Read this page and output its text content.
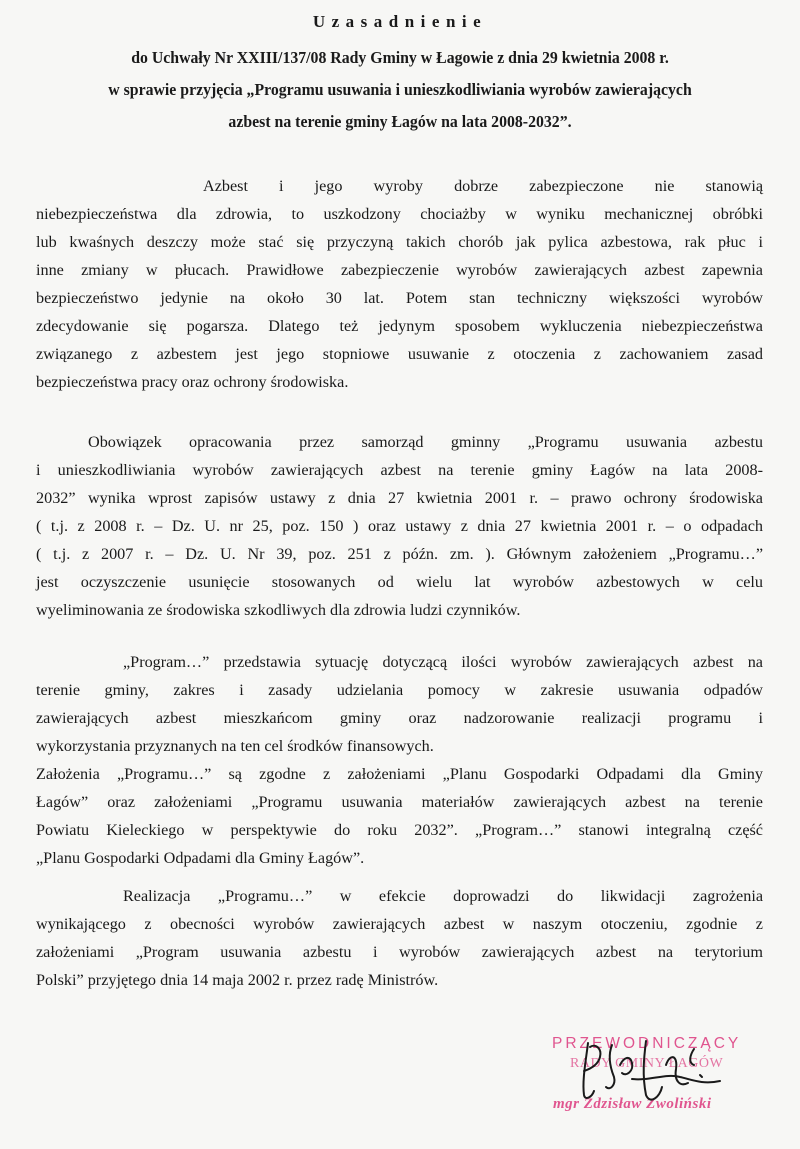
Uzasadnienie
do Uchwały Nr XXIII/137/08 Rady Gminy w Łagowie z dnia 29 kwietnia 2008 r.
w sprawie przyjęcia „Programu usuwania i unieszkodliwiania wyrobów zawierających
azbest na terenie gminy Łagów na lata 2008-2032”.
Azbest i jego wyroby dobrze zabezpieczone nie stanowią
niebezpieczeństwa dla zdrowia, to uszkodzony chociażby w wyniku mechanicznej obróbki
lub kwaśnych deszczy może stać się przyczyną takich chorób jak pylica azbestowa, rak płuc i
inne zmiany w płucach. Prawidłowe zabezpieczenie wyrobów zawierających azbest zapewnia
bezpieczeństwo jedynie na około 30 lat. Potem stan techniczny większości wyrobów
zdecydowanie się pogarsza. Dlatego też jedynym sposobem wykluczenia niebezpieczeństwa
związanego z azbestem jest jego stopniowe usuwanie z otoczenia z zachowaniem zasad
bezpieczeństwa pracy oraz ochrony środowiska.
Obowiązek opracowania przez samorząd gminny „Programu usuwania azbestu
i unieszkodliwiania wyrobów zawierających azbest na terenie gminy Łagów na lata 2008-
2032” wynika wprost zapisów ustawy z dnia 27 kwietnia 2001 r. – prawo ochrony środowiska
( t.j. z 2008 r. – Dz. U. nr 25, poz. 150 ) oraz ustawy z dnia 27 kwietnia 2001 r. – o odpadach
( t.j. z 2007 r. – Dz. U. Nr 39, poz. 251 z późn. zm. ). Głównym założeniem „Programu…”
jest oczyszczenie usunięcie stosowanych od wielu lat wyrobów azbestowych w celu
wyeliminowania ze środowiska szkodliwych dla zdrowia ludzi czynników.
„Program…” przedstawia sytuację dotyczącą ilości wyrobów zawierających azbest na
terenie gminy, zakres i zasady udzielania pomocy w zakresie usuwania odpadów
zawierających azbest mieszkańcom gminy oraz nadzorowanie realizacji programu i
wykorzystania przyznanych na ten cel środków finansowych.
Założenia „Programu…” są zgodne z założeniami „Planu Gospodarki Odpadami dla Gminy
Łagów” oraz założeniami „Programu usuwania materiałów zawierających azbest na terenie
Powiatu Kieleckiego w perspektywie do roku 2032”. „Program…” stanowi integralną część
„Planu Gospodarki Odpadami dla Gminy Łagów”.
Realizacja „Programu…” w efekcie doprowadzi do likwidacji zagrożenia
wynikającego z obecności wyrobów zawierających azbest w naszym otoczeniu, zgodnie z
założeniami „Program usuwania azbestu i wyrobów zawierających azbest na terytorium
Polski” przyjętego dnia 14 maja 2002 r. przez radę Ministrów.
PRZEWODNICZĄCY
RADY GMINY ŁAGÓW
mgr Zdzisław Zwoliński
